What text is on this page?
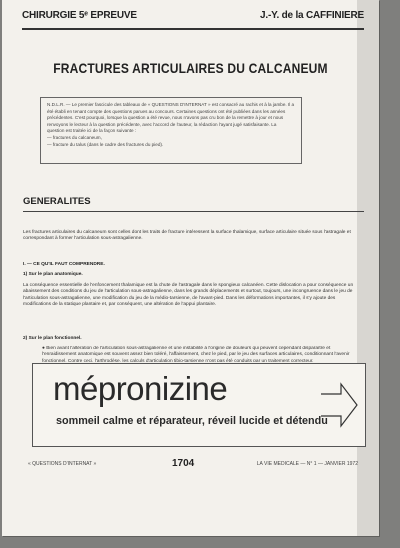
CHIRURGIE 5ᵉ EPREUVE	J.-Y. de la CAFFINIERE
FRACTURES ARTICULAIRES DU CALCANEUM
N.D.L.R. — Le premier fascicule des tableaux de « QUESTIONS D'INTERNAT » est consacré au rachis et à la jambe. Il a été établi en tenant compte des questions parues au concours. Certaines questions ont été publiées dans les années précédentes. C'est pourquoi, lorsque la question a été revue, nous n'avons pas cru bon de la remettre à jour et nous renvoyons le lecteur à la question précédente, avec l'accord de l'auteur, la rédaction l'ayant jugé satisfaisante. La question est traitée ici de la façon suivante :
— fractures du calcaneum,
— fracture du talus (dans le cadre des fractures du pied).
GENERALITES
Les fractures articulaires du calcaneum sont celles dont les traits de fracture intéressent la surface thalamique, surface articulaire située sous l'astragale et correspondant à former l'articulation sous-astragalienne.
I. — CE QU'IL FAUT COMPRENDRE.
1) Sur le plan anatomique.
La conséquence essentielle de l'enfoncement thalamique est la chute de l'astragale dans le spongieux calcanéen. Cette dislocation a pour conséquence un abaissement des conditions du jeu de l'articulation sous-astragalienne, dans les grands déplacements et surtout, toujours, une incongruence dans le jeu de l'articulation sous-astragalienne, une modification du jeu de la médio-tarsienne, de l'avant-pied. Dans les déformations importantes, il s'y ajoute des modifications de la statique plantaire et, par conséquent, une altération de l'appui plantaire.
2) Sur le plan fonctionnel.
● Bien avant l'altération de l'articulation sous-astragalienne et une instabilité à l'origine de douleurs qui peuvent cependant disparaître et l'enraidissement anatomique est souvent assez bien toléré, l'affaissement, chez le pied, par le jeu des surfaces articulaires, conditionnant l'avenir fonctionnel. Contre ceci, l'arthrodèse, les calculs d'articulation tibio-tarsienne n'ont pas été conduits par un traitement correcteur.
mépronizine
sommeil calme et réparateur, réveil lucide et détendu
« QUESTIONS D'INTERNAT »	1704	LA VIE MEDICALE — N° 1 — JANVIER 1972
